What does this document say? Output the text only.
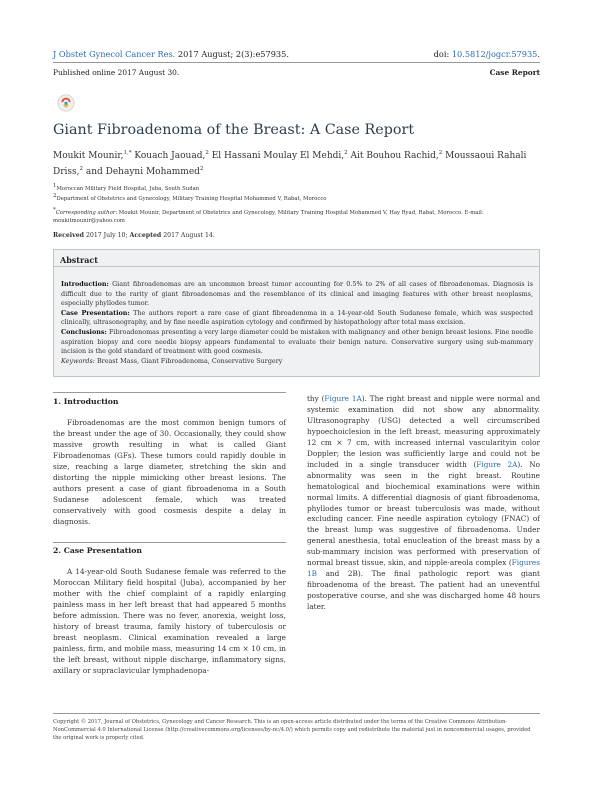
J Obstet Gynecol Cancer Res. 2017 August; 2(3):e57935.	doi: 10.5812/jogcr.57935.
Published online 2017 August 30.	Case Report
Giant Fibroadenoma of the Breast: A Case Report
Moukit Mounir,$^{1,*}$ Kouach Jaouad,$^2$ El Hassani Moulay El Mehdi,$^2$ Ait Bouhou Rachid,$^2$ Moussaoui Rahali Driss,$^2$ and Dehayni Mohammed$^2$
$^1$Moroccan Military Field Hospital, Juba, South Sudan
$^2$Department of Obstetrics and Gynecology, Military Training Hospital Mohammed V, Rabat, Morocco
*Corresponding author: Moukit Mounir, Department of Obstetrics and Gynecology, Military Training Hospital Mohammed V, Hay Ryad, Rabat, Morocco. E-mail: moukitmounir@yahoo.com
Received 2017 July 10; Accepted 2017 August 14.
Abstract
Introduction: Giant fibroadenomas are an uncommon breast tumor accounting for 0.5% to 2% of all cases of fibroadenomas. Diagnosis is difficult due to the rarity of giant fibroadenomas and the resemblance of its clinical and imaging features with other breast neoplasms, especially phyllodes tumor.
Case Presentation: The authors report a rare case of giant fibroadenoma in a 14-year-old South Sudanese female, which was suspected clinically, ultrasonography, and by fine needle aspiration cytology and confirmed by histopathology after total mass excision.
Conclusions: Fibroadenomas presenting a very large diameter could be mistaken with malignancy and other benign breast lesions. Fine needle aspiration biopsy and core needle biopsy appears fundamental to evaluate their benign nature. Conservative surgery using sub-mammary incision is the gold standard of treatment with good cosmesis.
Keywords: Breast Mass, Giant Fibroadenoma, Conservative Surgery
1. Introduction

Fibroadenomas are the most common benign tumors of the breast under the age of 30. Occasionally, they could show massive growth resulting in what is called Giant Fibroadenomas (GFs). These tumors could rapidly double in size, reaching a large diameter, stretching the skin and distorting the nipple mimicking other breast lesions. The authors present a case of giant fibroadenoma in a South Sudanese adolescent female, which was treated conservatively with good cosmesis despite a delay in diagnosis.

2. Case Presentation

A 14-year-old South Sudanese female was referred to the Moroccan Military field hospital (Juba), accompanied by her mother with the chief complaint of a rapidly enlarging painless mass in her left breast that had appeared 5 months before admission. There was no fever, anorexia, weight loss, history of breast trauma, family history of tuberculosis or breast neoplasm. Clinical examination revealed a large painless, firm, and mobile mass, measuring 14 cm × 10 cm, in the left breast, without nipple discharge, inflammatory signs, axillary or supraclavicular lymphadenopa-

thy (Figure 1A). The right breast and nipple were normal and systemic examination did not show any abnormality. Ultrasonography (USG) detected a well circumscribed hypoechoiclesion in the left breast, measuring approximately 12 cm × 7 cm, with increased internal vascularityin color Doppler; the lesion was sufficiently large and could not be included in a single transducer width (Figure 2A). No abnormality was seen in the right breast. Routine hematological and biochemical examinations were within normal limits. A differential diagnosis of giant fibroadenoma, phyllodes tumor or breast tuberculosis was made, without excluding cancer. Fine needle aspiration cytology (FNAC) of the breast lump was suggestive of fibroadenoma. Under general anesthesia, total enucleation of the breast mass by a sub-mammary incision was performed with preservation of normal breast tissue, skin, and nipple-areola complex (Figures 1B and 2B). The final pathologic report was giant fibroadenoma of the breast. The patient had an uneventful postoperative course, and she was discharged home 48 hours later.
Copyright © 2017, Journal of Obstetrics, Gynecology and Cancer Research. This is an open-access article distributed under the terms of the Creative Commons Attribution-NonCommercial 4.0 International License (http://creativecommons.org/licenses/by-nc/4.0/) which permits copy and redistribute the material just in noncommercial usages, provided the original work is properly cited.
